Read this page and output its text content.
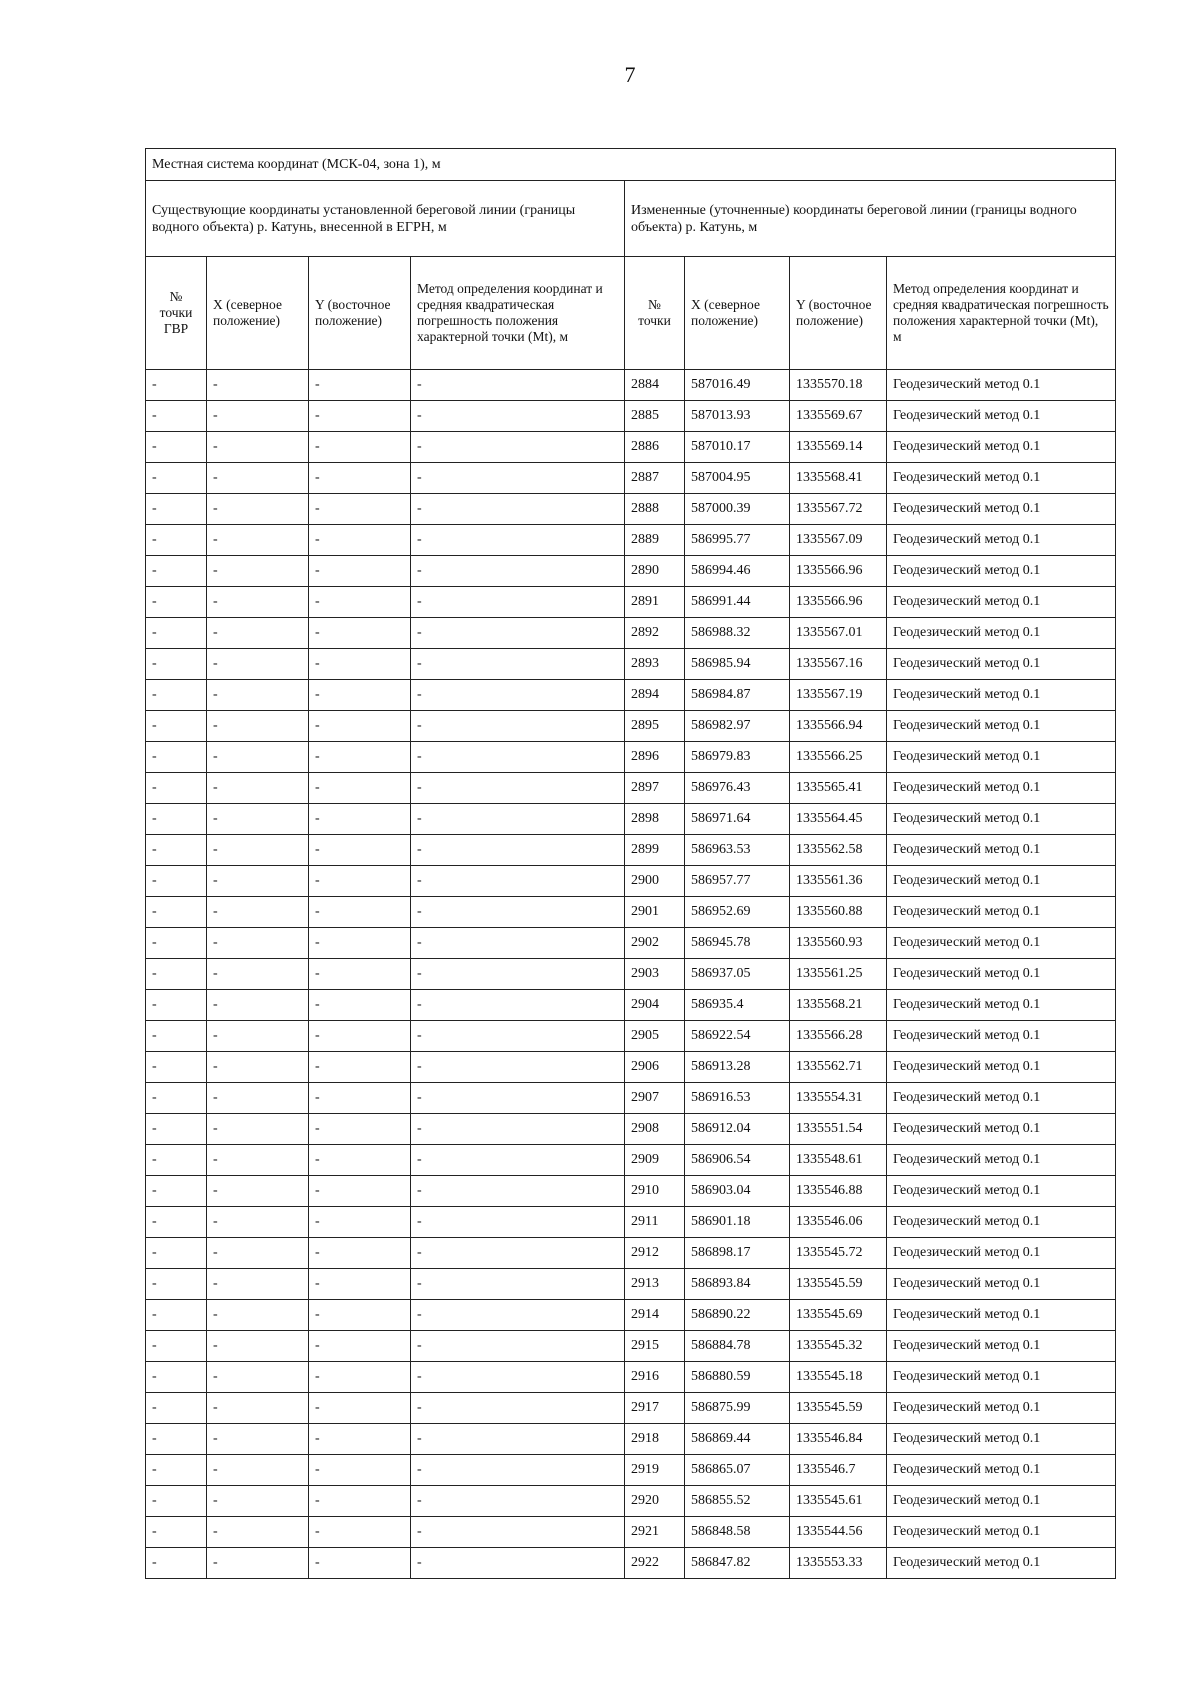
7
Местная система координат (МСК-04, зона 1), м							
Существующие координаты установленной береговой линии (границы водного объекта) р. Катунь, внесенной в ЕГРН, м				Измененные (уточненные) координаты береговой линии (границы водного объекта) р. Катунь, м			
№ точки ГВР	X (северное положение)	Y (восточное положение)	Метод определения координат и средняя квадратическая погрешность положения характерной точки (Mt), м	№ точки	X (северное положение)	Y (восточное положение)	Метод определения координат и средняя квадратическая погрешность положения характерной точки (Mt), м
-	-	-	-	2884	587016.49	1335570.18	Геодезический метод 0.1
-	-	-	-	2885	587013.93	1335569.67	Геодезический метод 0.1
-	-	-	-	2886	587010.17	1335569.14	Геодезический метод 0.1
-	-	-	-	2887	587004.95	1335568.41	Геодезический метод 0.1
-	-	-	-	2888	587000.39	1335567.72	Геодезический метод 0.1
-	-	-	-	2889	586995.77	1335567.09	Геодезический метод 0.1
-	-	-	-	2890	586994.46	1335566.96	Геодезический метод 0.1
-	-	-	-	2891	586991.44	1335566.96	Геодезический метод 0.1
-	-	-	-	2892	586988.32	1335567.01	Геодезический метод 0.1
-	-	-	-	2893	586985.94	1335567.16	Геодезический метод 0.1
-	-	-	-	2894	586984.87	1335567.19	Геодезический метод 0.1
-	-	-	-	2895	586982.97	1335566.94	Геодезический метод 0.1
-	-	-	-	2896	586979.83	1335566.25	Геодезический метод 0.1
-	-	-	-	2897	586976.43	1335565.41	Геодезический метод 0.1
-	-	-	-	2898	586971.64	1335564.45	Геодезический метод 0.1
-	-	-	-	2899	586963.53	1335562.58	Геодезический метод 0.1
-	-	-	-	2900	586957.77	1335561.36	Геодезический метод 0.1
-	-	-	-	2901	586952.69	1335560.88	Геодезический метод 0.1
-	-	-	-	2902	586945.78	1335560.93	Геодезический метод 0.1
-	-	-	-	2903	586937.05	1335561.25	Геодезический метод 0.1
-	-	-	-	2904	586935.4	1335568.21	Геодезический метод 0.1
-	-	-	-	2905	586922.54	1335566.28	Геодезический метод 0.1
-	-	-	-	2906	586913.28	1335562.71	Геодезический метод 0.1
-	-	-	-	2907	586916.53	1335554.31	Геодезический метод 0.1
-	-	-	-	2908	586912.04	1335551.54	Геодезический метод 0.1
-	-	-	-	2909	586906.54	1335548.61	Геодезический метод 0.1
-	-	-	-	2910	586903.04	1335546.88	Геодезический метод 0.1
-	-	-	-	2911	586901.18	1335546.06	Геодезический метод 0.1
-	-	-	-	2912	586898.17	1335545.72	Геодезический метод 0.1
-	-	-	-	2913	586893.84	1335545.59	Геодезический метод 0.1
-	-	-	-	2914	586890.22	1335545.69	Геодезический метод 0.1
-	-	-	-	2915	586884.78	1335545.32	Геодезический метод 0.1
-	-	-	-	2916	586880.59	1335545.18	Геодезический метод 0.1
-	-	-	-	2917	586875.99	1335545.59	Геодезический метод 0.1
-	-	-	-	2918	586869.44	1335546.84	Геодезический метод 0.1
-	-	-	-	2919	586865.07	1335546.7	Геодезический метод 0.1
-	-	-	-	2920	586855.52	1335545.61	Геодезический метод 0.1
-	-	-	-	2921	586848.58	1335544.56	Геодезический метод 0.1
-	-	-	-	2922	586847.82	1335553.33	Геодезический метод 0.1
